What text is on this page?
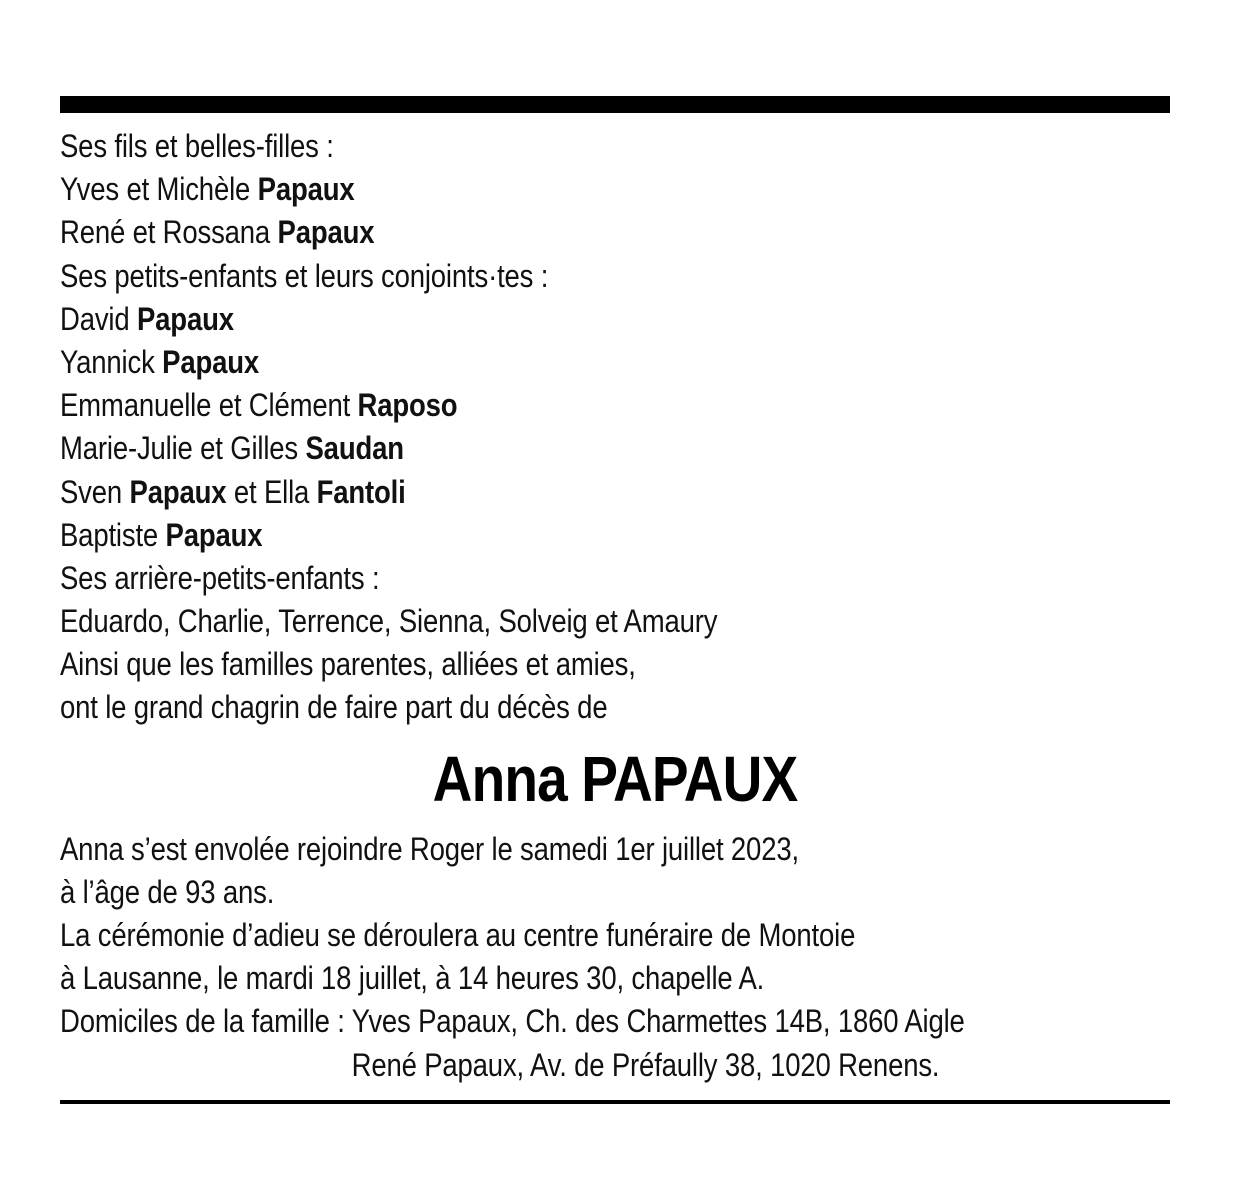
Ses fils et belles-filles :
Yves et Michèle Papaux
René et Rossana Papaux
Ses petits-enfants et leurs conjoints·tes :
David Papaux
Yannick Papaux
Emmanuelle et Clément Raposo
Marie-Julie et Gilles Saudan
Sven Papaux et Ella Fantoli
Baptiste Papaux
Ses arrière-petits-enfants :
Eduardo, Charlie, Terrence, Sienna, Solveig et Amaury
Ainsi que les familles parentes, alliées et amies,
ont le grand chagrin de faire part du décès de
Anna PAPAUX
Anna s’est envolée rejoindre Roger le samedi 1er juillet 2023,
à l’âge de 93 ans.
La cérémonie d’adieu se déroulera au centre funéraire de Montoie
à Lausanne, le mardi 18 juillet, à 14 heures 30, chapelle A.
Domiciles de la famille : Yves Papaux, Ch. des Charmettes 14B, 1860 Aigle
René Papaux, Av. de Préfaully 38, 1020 Renens.
